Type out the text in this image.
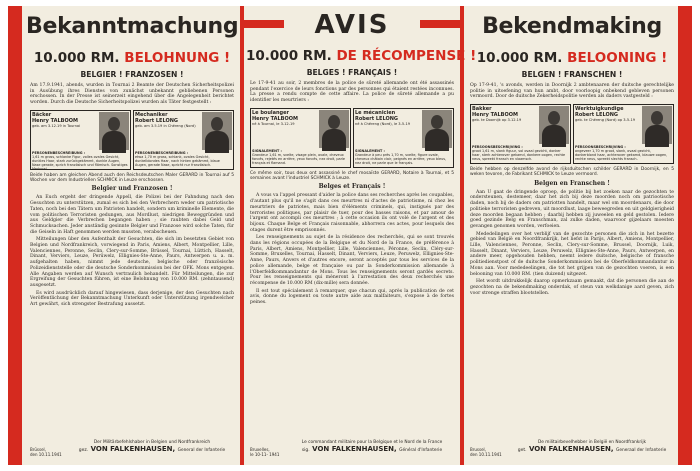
Bekanntmachung
10.000 RM. BELOHNUNG !
BELGIER ! FRANZOSEN !
Am 17.9.1941, abends, wurden in Tournai 2 Beamte der Deutschen Sicherheitspolizei in Ausübung ihres Dienstes von zunächst unbekannt gebliebenen Personen erschossen. In der Presse ist seinerzeit eingehend über die Angelegenheit berichtet worden. Durch die Deutsche Sicherheitspolizei wurden als Täter festgestellt :
Bäcker
Henry TALBOOM
geb. am 3.12.19 in Tournai
PERSONENBESCHREIBUNG :
1,61 m gross, schlanke Figur, volles ovales Gesicht, dunkles Haar, stark zurückgekämmt, dunkle Augen, Nase gerade, sprich französisch und flämisch. Sonstiges Merkmal.
Mechaniker
Robert LELONG
geb. am 3.5.19 in Chéreng (Nord)
PERSONENBESCHREIBUNG :
etwa 1,70 m gross, schlank, ovales Gesicht, dunkelblondes Haar, nach hinten gekämmt, blaue Augen, gerade Nase, spricht nur französisch.
Beide haben am gleichen Abend auch den Reichsdeutschen Maler GERARD in Tournai auf 5 Wochen vor dem Industriellen SCHMICK in Leuze erschossen.
Belgier und Franzosen !
An Euch ergeht der dringende Appell, die Polizei bei der Fahndung nach den Gesuchten zu unterstützen, zumal es sich bei den Verbrechern weder um patriotische Taten, noch bei den Tätern um Patrioten handelt, sondern um kriminelle Elemente, die vom politischen Terroristen gedungen, aus Mordlust, niedrigen Beweggründen und aus Geldgier die Verbrechen begangen haben ; sie raubten dabei Geld und Schmucksachen. Jeder anständig gesinnte Belgier und Franzose wird solche Taten, für die Geiseln in Haft genommen werden mussten, verabscheuen.
Mitteilungen über den Aufenthalt der Gesuchten, die sich im besetzten Gebiet von Belgien und Nordfrankreich, vorwiegend in Paris, Amiens, Albert, Montpellier, Lille, Valenciennes, Peronne, Seclin, Clery-sur-Somme, Brüssel, Tournai, Lüttich, Hasselt, Dinant, Verviers, Leuze, Perüwelz, Ellignies-Ste-Anne, Paurs, Antwerpen u. a. m. aufgehalten haben, nimmt jede deutsche, belgische oder französische Polizeidienststelle oder die deutsche Sonderkommission bei der OFK. Mons entgegen. Alle Angaben werden auf Wunsch vertraulich behandelt. Für Mitteilungen, die zur Ergreifung der Gesuchten führen, ist eine Belohnung von 10.000 RM. (zehntausend) ausgesetzt.
Es wird ausdrücklich darauf hingewiesen, dass derjenige, der den Gesuchten nach Veröffentlichung der Bekanntmachung Unterkunft oder Unterstützung irgendwelcher Art gewährt, sich strengster Bestrafung aussetzt.
Brüssel,
den 10.11.1941
Der Militärbefehlshaber in Belgien und Nordfrankreich
gez. VON FALKENHAUSEN, General der Infanterie
AVIS
10.000 RM. DE RÉCOMPENSE !
BELGES ! FRANÇAIS !
Le 17-9-41 au soir, 2 membres de la police de sûreté allemande ont été assassinés pendant l'exercice de leurs fonctions par des personnes qui étaient restées inconnues. La presse a rendu compte de cette affaire. La police de sûreté allemande a pu identifier les meurtriers :
Le boulanger
Henry TALBOOM
né à Tournai, le 3-12-19
SIGNALEMENT :
Grandeur 1,61 m, svelte, visage plein, ovale, cheveux foncés, rejetés en arrière, yeux foncés, nez droit, parle français et flamand.
Le mécanicien
Robert LELONG
né à Chéreng (Nord), le 3-5-19
SIGNALEMENT :
Grandeur à peu près 1,70 m, svelte, figure ovale, cheveux châtain clair, peignés en arrière, yeux bleus, nez droit, ne parle que le français.
Ce même soir, tous deux ont assassiné le chef mosaïste GERARD, Notaire à Tournai, et 5 semaines avant l'industriel SCHMICK à Leuze.
Belges et Français !
A vous va l'appel pressant d'aider la police dans ses recherches après les coupables, d'autant plus qu'il ne s'agit dans ces meurtres ni d'actes de patriotisme, ni chez les meurtriers de patriotes, mais bien d'éléments criminels, qui, instigués par des terroristes politiques, par plaisir de tuer, pour des basses raisons, et par amour de l'argent ont accompli ces meurtres ; à cette occasion ils ont volé de l'argent et des bijoux. Chaque Belge et Français raisonnable, abhorrera ces actes, pour lesquels des otages durent être emprisonnés.
Les renseignements au sujet de la résidence des recherchés, qui se sont trouvés dans les régions occupées de la Belgique et du Nord de la France, de préférence à Paris, Albert, Amiens, Montpellier, Lille, Valenciennes, Péronne, Seclin, Cléry-sur-Somme, Bruxelles, Tournai, Hasselt, Dinant, Verviers, Leuze, Peruwelz, Ellignies-Ste-Anne, Paurs, Anvers et d'autres encore, seront acceptés par tous les services de la police allemande, belge et française ou par la Sonderkommission allemande à l'Oberfeldkommandantur de Mons. Tous les renseignements seront gardés secrets. Pour les renseignements qui mèneront à l'arrestation des deux recherchés une récompense de 10.000 RM (dix-mille) sera donnée.
Il est tout spécialement à remarquer, que chacun qui, après la publication de cet avis, donne du logement ou toute autre aide aux malfaiteurs, s'expose à de fortes peines.
Bruxelles,
le 10-11- 1941
Le commandant militaire pour la Belgique et le Nord de la France
sig. VON FALKENHAUSEN, Général d'Infanterie
Bekendmaking
10.000 RM. BELOONING !
BELGEN ! FRANSCHEN !
Op 17-9-41, 's avonds, werden in Doornijk 2 ambtenaaren der duitsche gerechtelijke politie in uitoefening van hun ambt, door voorloopig onbekend gebleven personen vermoord. Door de duitsche Zekerheidspolitie werden als daders vastgesteld :
Bakker
Henry TALBOOM
geb. te Doornijk op 3.12.19
PERSOONSBESCHRIJVING :
groot 1,61 m, slank figuur, vol ovaal gezicht, donker haar, sterk achterover gekamd, donkere oogen, rechte neus, spreekt fransch en vlaamsch.
Werktuigkundige
Robert LELONG
geb. te Chéreng (Nord) op 3-5-19
PERSOONSBESCHRIJVING :
ongeveer 1,70 m groot, slank, ovaal gezicht, donkerblond haar, achterover gekamd, blauwe oogen, rechte neus, spreekt slechts fransch.
Beide hebben op denzelfde avond de rijksduitschen schilder GERARD in Doornijk, en 5 weken tevoren, de Fabrikant SCHMICK te Leuze vermoord.
Belgen en Franschen !
Aan U gaat de dringende oproep, de politie bij het zoeken naar de gezochten te ondersteunen, destemeer, daar het zich bij deze moorden noch om patriootische daden, noch bij de daders om patriotten handelt, maar wel om moordenaars, die door politieke terroristen gedreven, uit moordlust, laage beweegreden en uit geldgierigheid deze moorden begaan hebben ; daarbij hebben zij juweelen en geld gestolen. Iedere goed gezinde Belg en Franschman, zal zulke daden, waarvoor gijzelaars moesten gevangen genomen worden, verfoeien.
Mededelingen over het verblijf van de gezochte personen die zich in het bezette gebied van België en Noordfrankrijk, het liefst in Parijs, Albert, Amiens, Montpellier, Lille, Valenciennes, Peronne, Seclin, Clery-sur-Somme, Brussel, Doornijk, Luik, Hasselt, Dinant, Verviers, Leuze, Peruwelz, Ellignies-Ste-Anne, Paurs, Antwerpen, en andere meer, opgehouden hebben, neemt iedere duitsche, belgische of fransche politiedienstpost of de duitsche Sonderkommission bei de Oberfeldkommandantur in Mons aan. Voor mededeelingen, die tot het grijpen van de gezochten voeren, is een belooning van 10.000 RM. (tien duizend) uitgezet.
Het wordt uitdrukkelijk daarop opmerkzaam gemaakt, dat die personen die aan de gezochten na de bekendmaking onderdak, of steun van welkdanige aard geven, zich voor strenge straffen blootstellen.
Brussel,
den 10.11.1941
De militairbevelhebber in België en Noordfrankrijk
get. VON FALKENHAUSEN, Generaal der Infanterie
